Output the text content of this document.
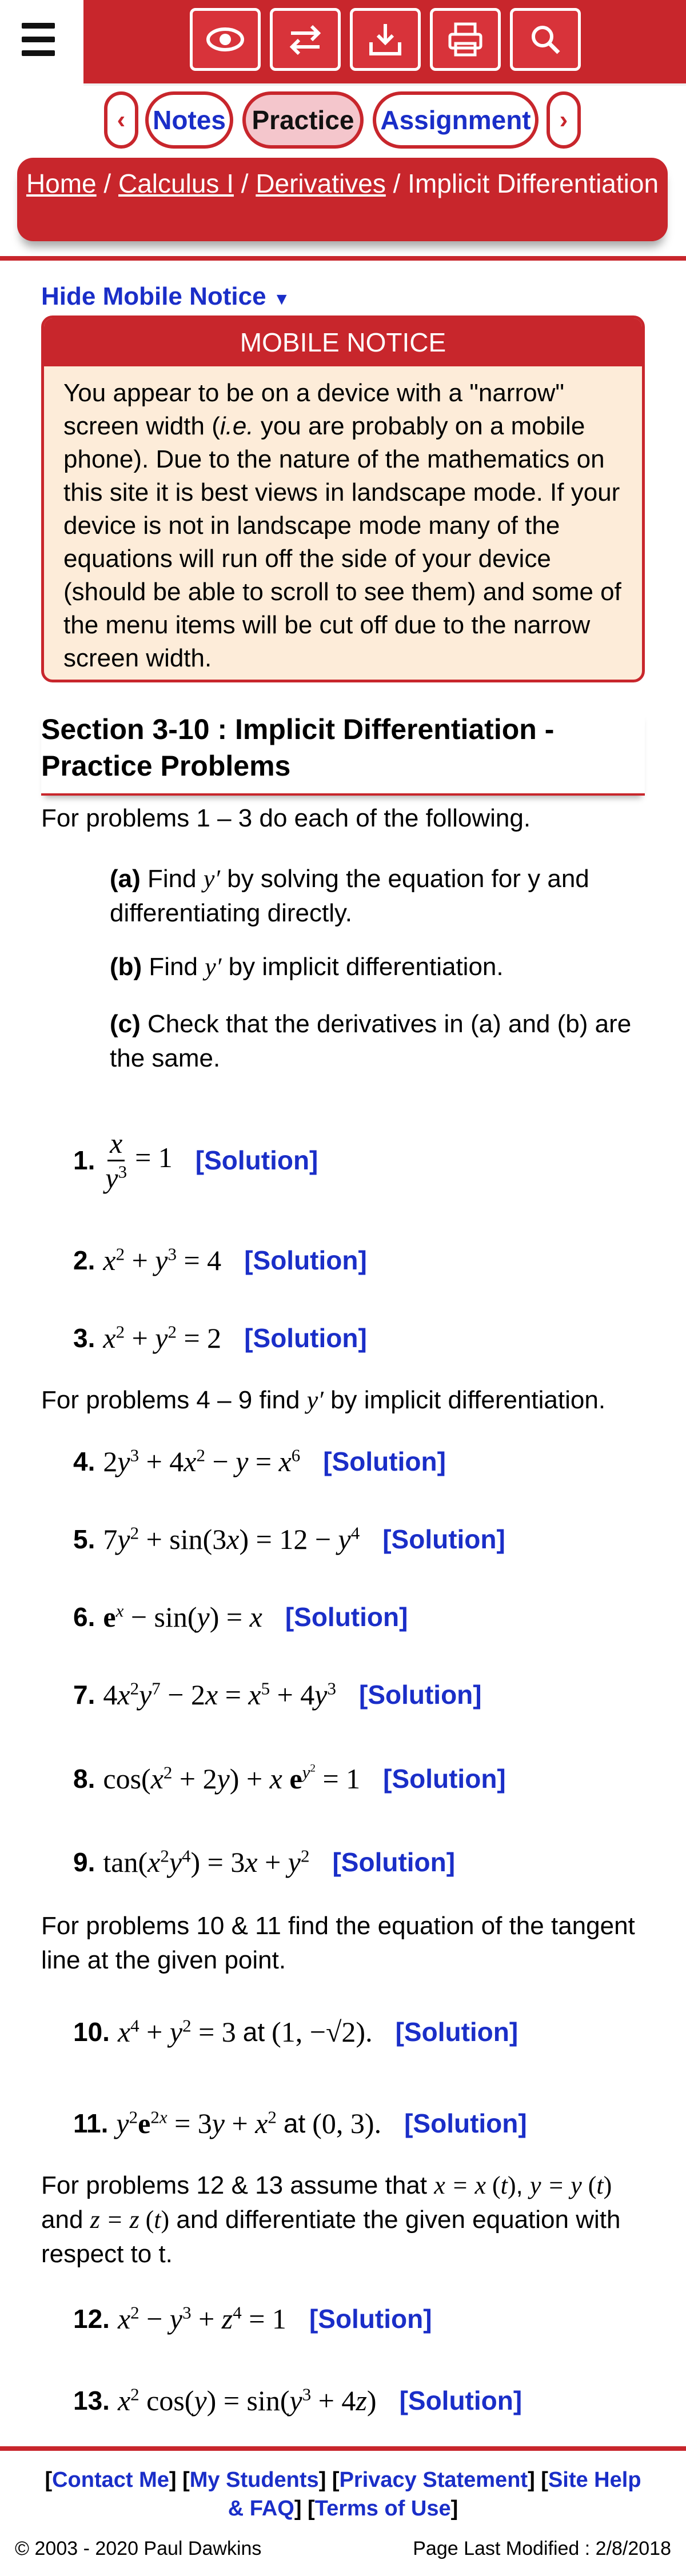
‹ Notes Practice Assignment	›
Home / Calculus I / Derivatives / Implicit Differentiation
Hide Mobile Notice ▼
MOBILE NOTICE
You appear to be on a device with a "narrow" screen width (i.e. you are probably on a mobile phone). Due to the nature of the mathematics on this site it is best views in landscape mode. If your device is not in landscape mode many of the equations will run off the side of your device (should be able to scroll to see them) and some of the menu items will be cut off due to the narrow screen width.
Section 3-10 : Implicit Differentiation - Practice Problems
For problems 1 – 3 do each of the following.
(a) Find y′ by solving the equation for y and differentiating directly.
(b) Find y′ by implicit differentiation.
(c) Check that the derivatives in (a) and (b) are the same.
1. $\frac{x}{y^3} = 1$ [Solution]
2. $x^2 + y^3 = 4$ [Solution]
3. $x^2 + y^2 = 2$ [Solution]
For problems 4 – 9 find y′ by implicit differentiation.
4. $2y^3 + 4x^2 - y = x^6$ [Solution]
5. $7y^2 + \sin(3x) = 12 - y^4$ [Solution]
6. $e^x - \sin(y) = x$ [Solution]
7. $4x^2y^7 - 2x = x^5 + 4y^3$ [Solution]
8. $\cos(x^2 + 2y) + x$ $e^{y^2} = 1$ [Solution]
9. $\tan(x^2y^4) = 3x + y^2$ [Solution]
For problems 10 & 11 find the equation of the tangent line at the given point.
10. $x^4 + y^2 = 3$ at (1, −√2). [Solution]
11. $y^2e^{2x} = 3y + x^2$ at (0, 3). [Solution]
For problems 12 & 13 assume that x = x (t), y = y (t) and z = z (t) and differentiate the given equation with respect to t.
12. $x^2 - y^3 + z^4 = 1$ [Solution]
13. $x^2$ $\cos(y) = \sin(y^3 + 4z)$ [Solution]
[Contact Me] [My Students] [Privacy Statement] [Site Help & FAQ] [Terms of Use]
© 2003 - 2020 Paul Dawkins	Page Last Modified : 2/8/2018
